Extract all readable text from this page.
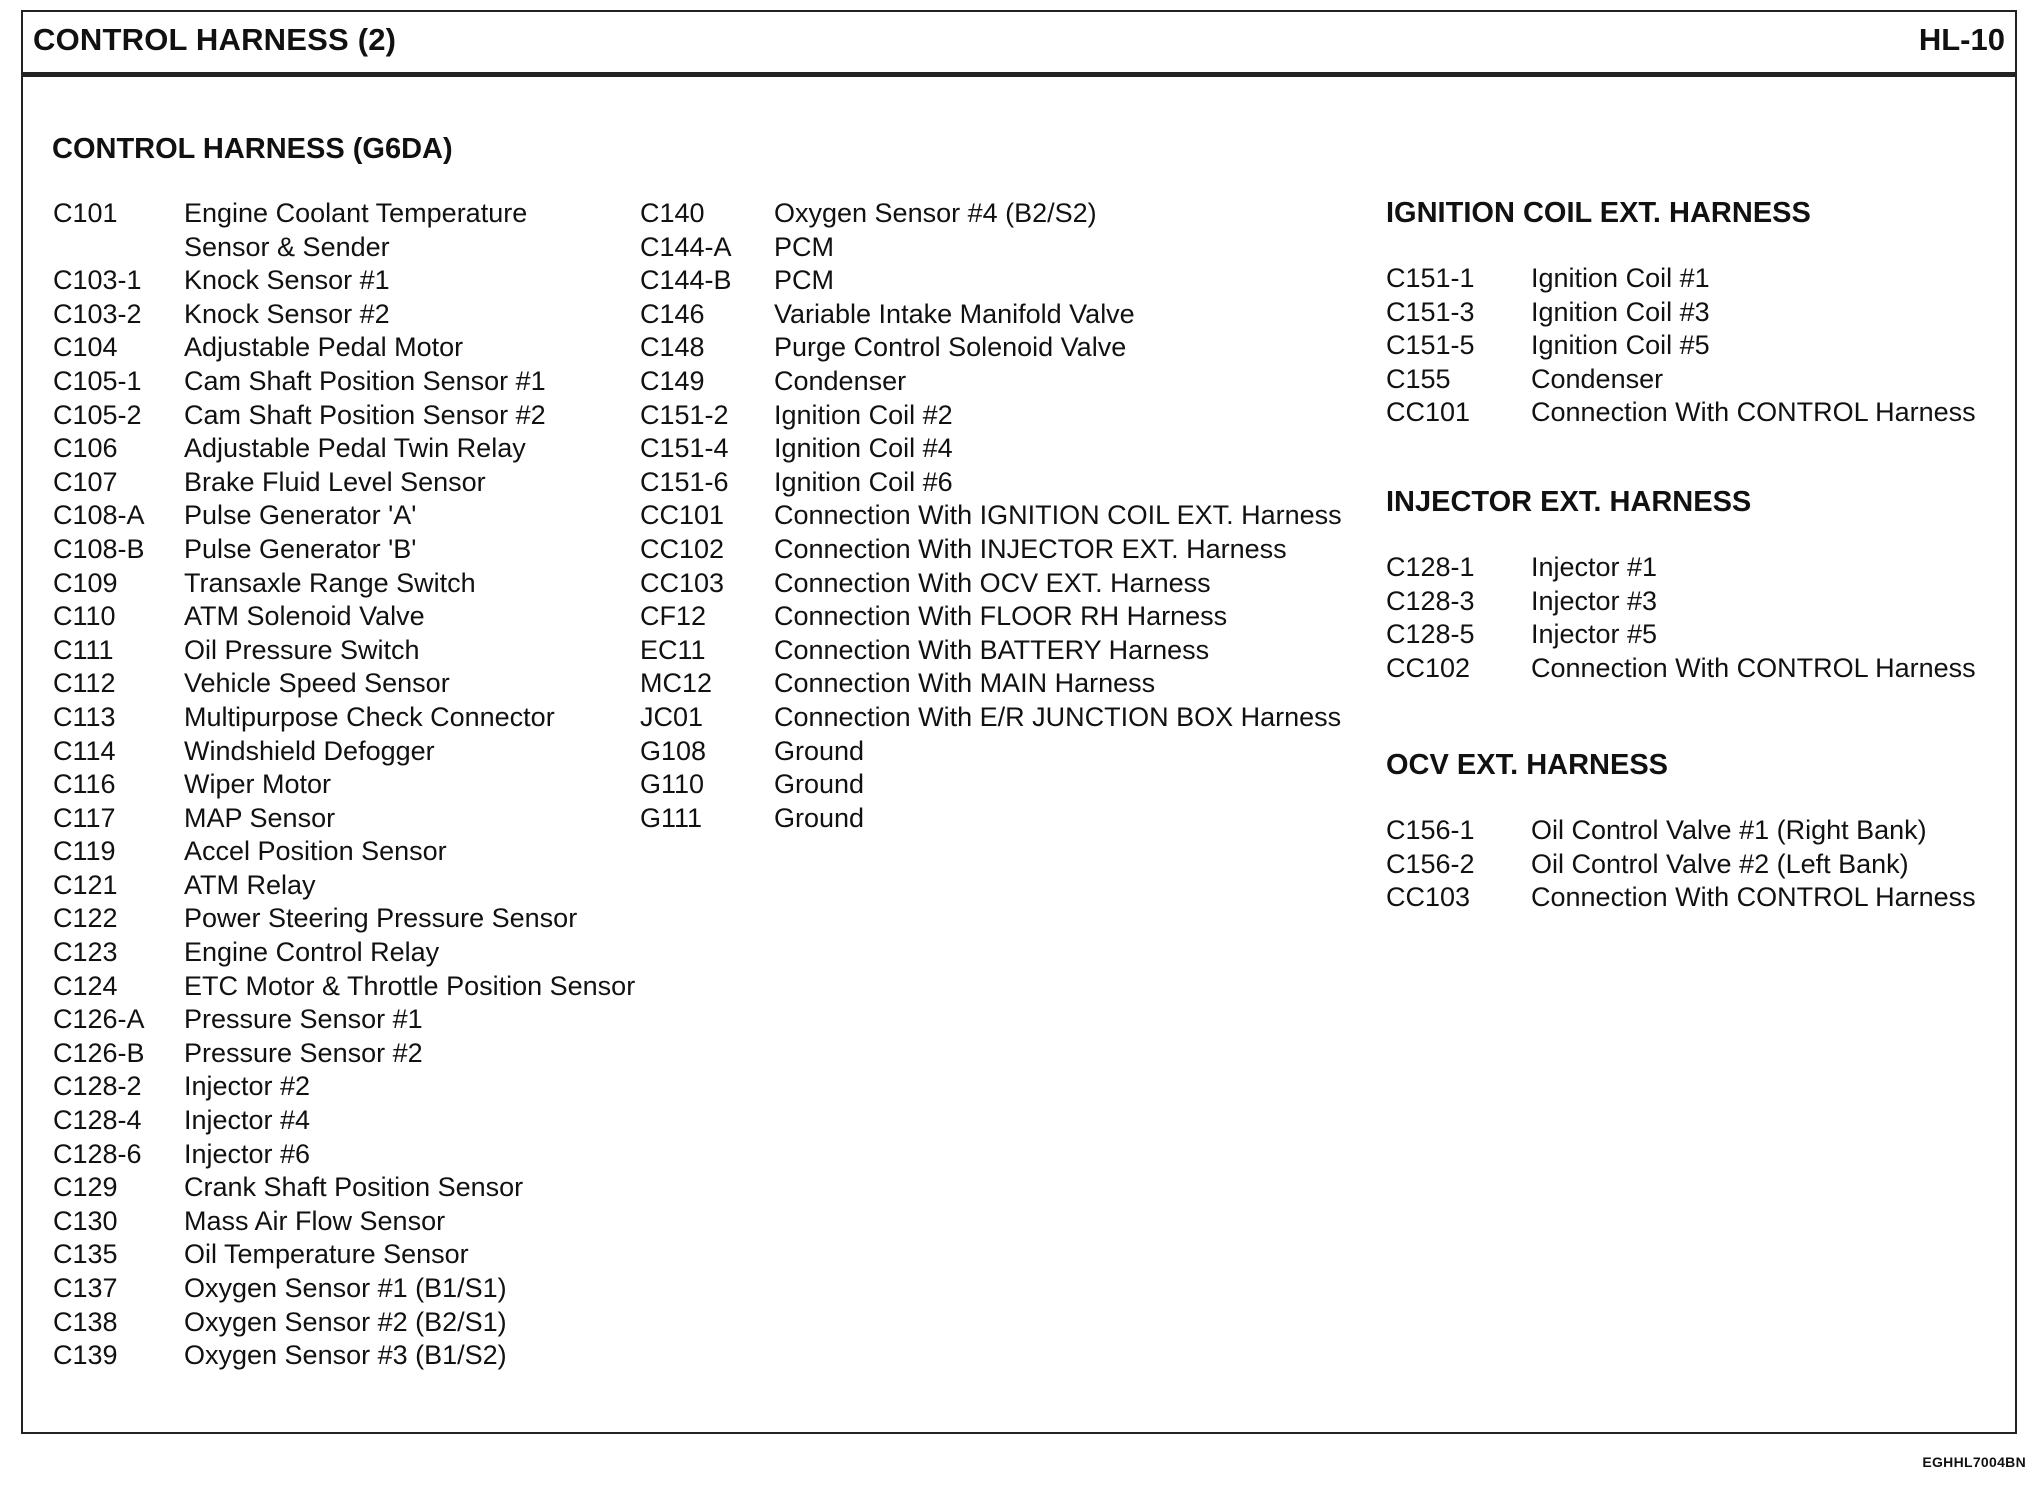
CONTROL HARNESS (2)	HL-10
CONTROL HARNESS (G6DA)
C101 Engine Coolant Temperature Sensor & Sender
C103-1 Knock Sensor #1
C103-2 Knock Sensor #2
C104 Adjustable Pedal Motor
C105-1 Cam Shaft Position Sensor #1
C105-2 Cam Shaft Position Sensor #2
C106 Adjustable Pedal Twin Relay
C107 Brake Fluid Level Sensor
C108-A Pulse Generator 'A'
C108-B Pulse Generator 'B'
C109 Transaxle Range Switch
C110	ATM Solenoid Valve
C111	Oil Pressure Switch
C112	Vehicle Speed Sensor
C113	Multipurpose Check Connector
C114	Windshield Defogger
C116	Wiper Motor
C117	MAP Sensor
C119	Accel Position Sensor
C121 ATM Relay
C122 Power Steering Pressure Sensor
C123 Engine Control Relay
C124 ETC Motor & Throttle Position Sensor
C126-A Pressure Sensor #1
C126-B Pressure Sensor #2
C128-2 Injector #2
C128-4 Injector #4
C128-6 Injector #6
C129 Crank Shaft Position Sensor
C130 Mass Air Flow Sensor
C135 Oil Temperature Sensor
C137 Oxygen Sensor #1 (B1/S1)
C138 Oxygen Sensor #2 (B2/S1)
C139 Oxygen Sensor #3 (B1/S2)
C140	Oxygen Sensor #4 (B2/S2)
C144-A PCM
C144-B PCM
C146	Variable Intake Manifold Valve
C148	Purge Control Solenoid Valve
C149	Condenser
C151-2 Ignition Coil #2
C151-4 Ignition Coil #4
C151-6 Ignition Coil #6
CC101 Connection With IGNITION COIL EXT. Harness
CC102 Connection With INJECTOR EXT. Harness
CC103 Connection With OCV EXT. Harness
CF12	Connection With FLOOR RH Harness
EC11	Connection With BATTERY Harness
MC12 Connection With MAIN Harness
JC01	Connection With E/R JUNCTION BOX Harness
G108	Ground
G110	Ground
G111	Ground
IGNITION COIL EXT. HARNESS
C151-1 Ignition Coil #1
C151-3 Ignition Coil #3
C151-5 Ignition Coil #5
C155	Condenser
CC101 Connection With CONTROL Harness
INJECTOR EXT. HARNESS
C128-1 Injector #1
C128-3 Injector #3
C128-5 Injector #5
CC102 Connection With CONTROL Harness
OCV EXT. HARNESS
C156-1 Oil Control Valve #1 (Right Bank)
C156-2 Oil Control Valve #2 (Left Bank)
CC103 Connection With CONTROL Harness
EGHHL7004BN
